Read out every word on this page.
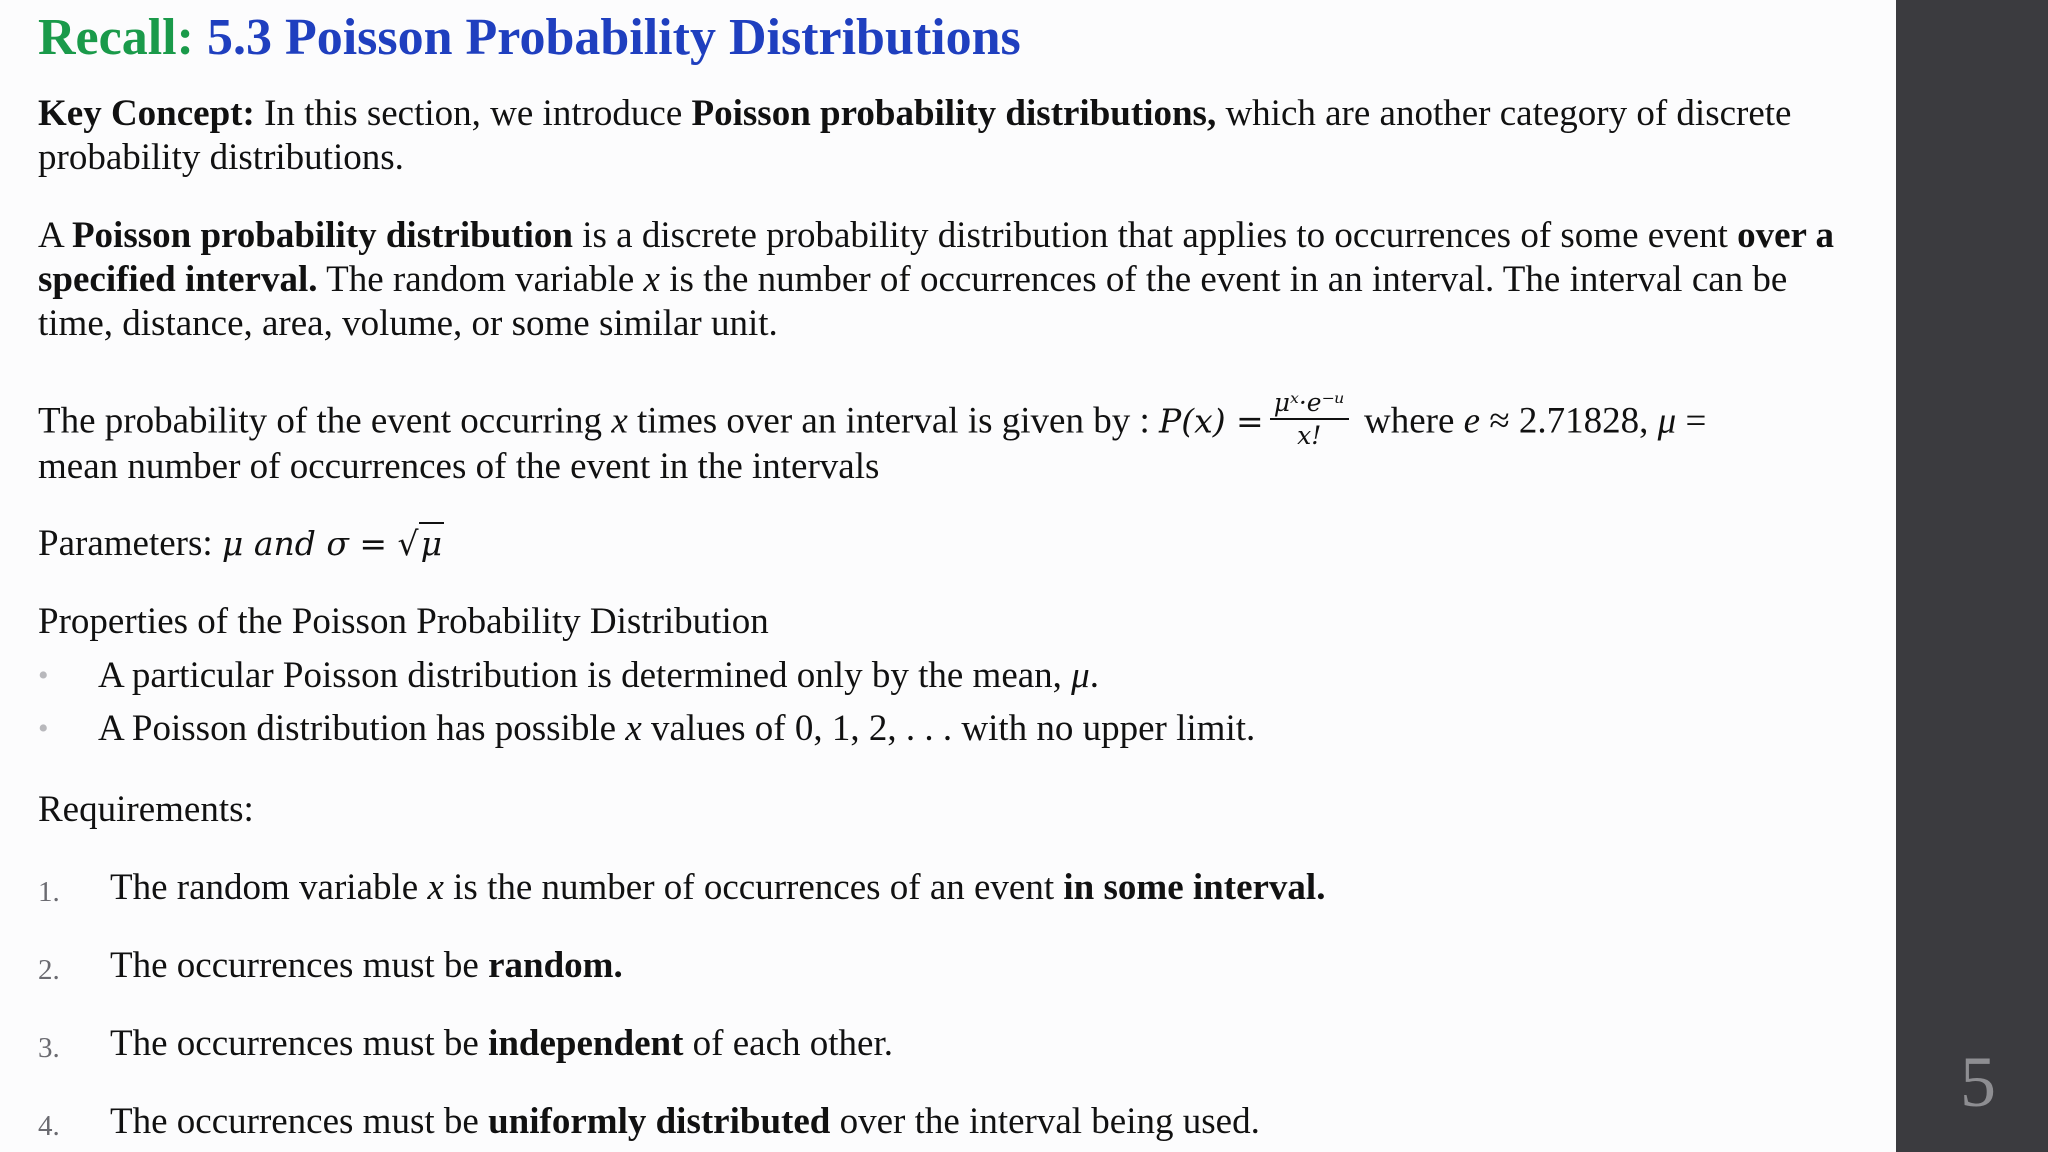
Recall: 5.3 Poisson Probability Distributions
Key Concept: In this section, we introduce Poisson probability distributions, which are another category of discrete probability distributions.
A Poisson probability distribution is a discrete probability distribution that applies to occurrences of some event over a specified interval. The random variable x is the number of occurrences of the event in an interval. The interval can be time, distance, area, volume, or some similar unit.
The probability of the event occurring x times over an interval is given by : $P(x) = \frac{\text{μˣ·e⁻ᵘ}}{x!}$ where e ≈ 2.71828, μ =
mean number of occurrences of the event in the intervals
Parameters: μ and σ = √μ
Properties of the Poisson Probability Distribution
• A particular Poisson distribution is determined only by the mean, μ.
• A Poisson distribution has possible x values of 0, 1, 2, . . . with no upper limit.
Requirements:
1. The random variable x is the number of occurrences of an event in some interval.
2. The occurrences must be random.
3. The occurrences must be independent of each other.
4. The occurrences must be uniformly distributed over the interval being used.	5
